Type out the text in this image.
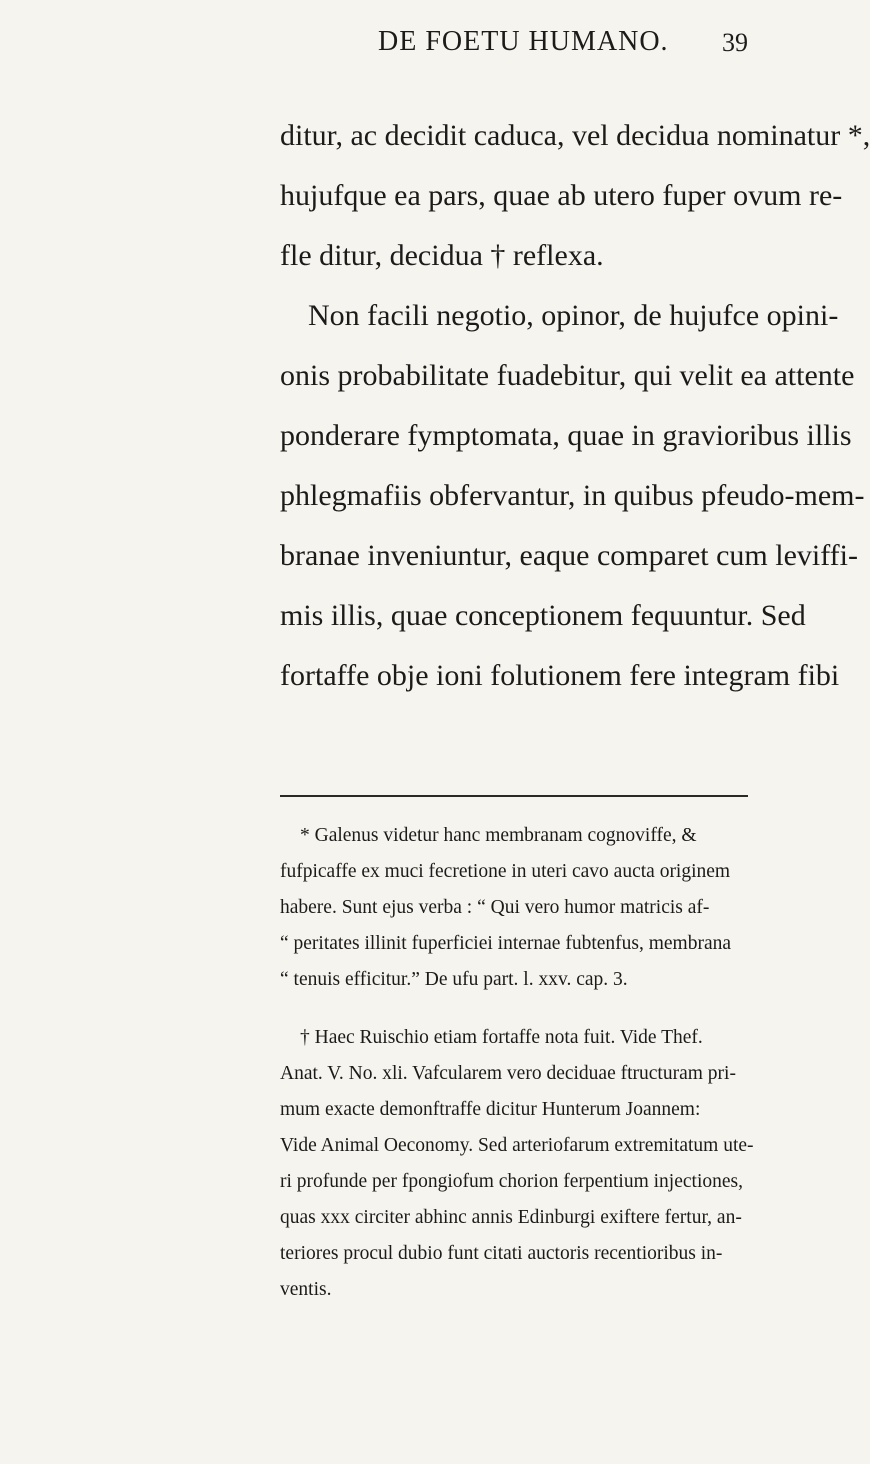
DE FOETU HUMANO. 39
ditur, ac decidit caduca, vel decidua nominatur *,
hujufque ea pars, quae ab utero fuper ovum re-
fle ditur, decidua † reflexa.
Non facili negotio, opinor, de hujufce opini-
onis probabilitate fuadebitur, qui velit ea attente
ponderare fymptomata, quae in gravioribus illis
phlegmafiis obfervantur, in quibus pfeudo-mem-
branae inveniuntur, eaque comparet cum leviffi-
mis illis, quae conceptionem fequuntur. Sed
fortaffe obje ioni folutionem fere integram fibi
* Galenus videtur hanc membranam cognoviffe, &
fufpicaffe ex muci fecretione in uteri cavo aucta originem
habere. Sunt ejus verba : “ Qui vero humor matricis af-
“ peritates illinit fuperficiei internae fubtenfus, membrana
“ tenuis efficitur.” De ufu part. l. xxv. cap. 3.
† Haec Ruischio etiam fortaffe nota fuit. Vide Thef.
Anat. V. No. xli. Vafcularem vero deciduae ftructuram pri-
mum exacte demonftraffe dicitur Hunterum Joannem:
Vide Animal Oeconomy. Sed arteriofarum extremitatum ute-
ri profunde per fpongiofum chorion ferpentium injectiones,
quas xxx circiter abhinc annis Edinburgi exiftere fertur, an-
teriores procul dubio funt citati auctoris recentioribus in-
ventis.
